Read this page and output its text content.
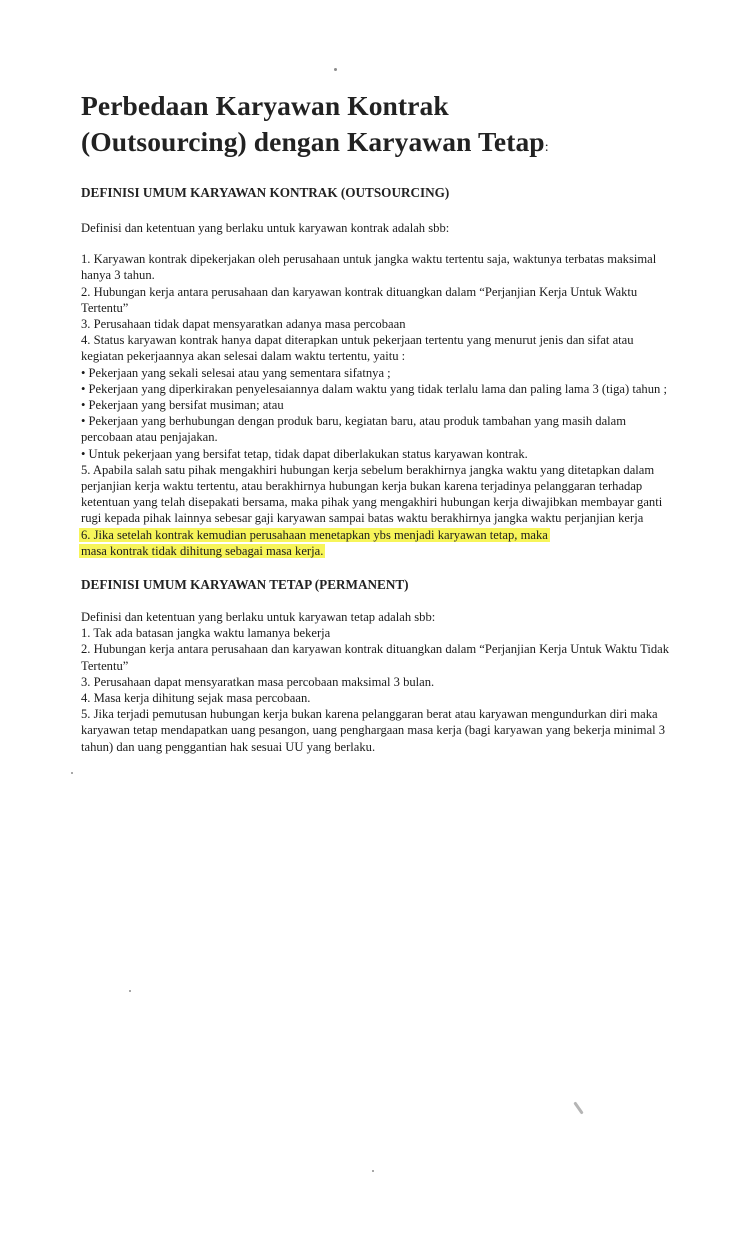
Perbedaan Karyawan Kontrak
(Outsourcing) dengan Karyawan Tetap:
DEFINISI UMUM KARYAWAN KONTRAK (OUTSOURCING)

Definisi dan ketentuan yang berlaku untuk karyawan kontrak adalah sbb:

1. Karyawan kontrak dipekerjakan oleh perusahaan untuk jangka waktu tertentu saja, waktunya terbatas maksimal hanya 3 tahun.

2. Hubungan kerja antara perusahaan dan karyawan kontrak dituangkan dalam “Perjanjian Kerja Untuk Waktu Tertentu”

3. Perusahaan tidak dapat mensyaratkan adanya masa percobaan

4. Status karyawan kontrak hanya dapat diterapkan untuk pekerjaan tertentu yang menurut jenis dan sifat atau kegiatan pekerjaannya akan selesai dalam waktu tertentu, yaitu :

• Pekerjaan yang sekali selesai atau yang sementara sifatnya ;

• Pekerjaan yang diperkirakan penyelesaiannya dalam waktu yang tidak terlalu lama dan paling lama 3 (tiga) tahun ;

• Pekerjaan yang bersifat musiman; atau

• Pekerjaan yang berhubungan dengan produk baru, kegiatan baru, atau produk tambahan yang masih dalam percobaan atau penjajakan.

• Untuk pekerjaan yang bersifat tetap, tidak dapat diberlakukan status karyawan kontrak.

5. Apabila salah satu pihak mengakhiri hubungan kerja sebelum berakhirnya jangka waktu yang ditetapkan dalam perjanjian kerja waktu tertentu, atau berakhirnya hubungan kerja bukan karena terjadinya pelanggaran terhadap ketentuan yang telah disepakati bersama, maka pihak yang mengakhiri hubungan kerja diwajibkan membayar ganti rugi kepada pihak lainnya sebesar gaji karyawan sampai batas waktu berakhirnya jangka waktu perjanjian kerja

6. Jika setelah kontrak kemudian perusahaan menetapkan ybs menjadi karyawan tetap, maka
masa kontrak tidak dihitung sebagai masa kerja.

DEFINISI UMUM KARYAWAN TETAP (PERMANENT)

Definisi dan ketentuan yang berlaku untuk karyawan tetap adalah sbb:

1. Tak ada batasan jangka waktu lamanya bekerja

2. Hubungan kerja antara perusahaan dan karyawan kontrak dituangkan dalam “Perjanjian Kerja Untuk Waktu Tidak Tertentu”

3. Perusahaan dapat mensyaratkan masa percobaan maksimal 3 bulan.

4. Masa kerja dihitung sejak masa percobaan.

5. Jika terjadi pemutusan hubungan kerja bukan karena pelanggaran berat atau karyawan mengundurkan diri maka karyawan tetap mendapatkan uang pesangon, uang penghargaan masa kerja (bagi karyawan yang bekerja minimal 3 tahun) dan uang penggantian hak sesuai UU yang berlaku.
